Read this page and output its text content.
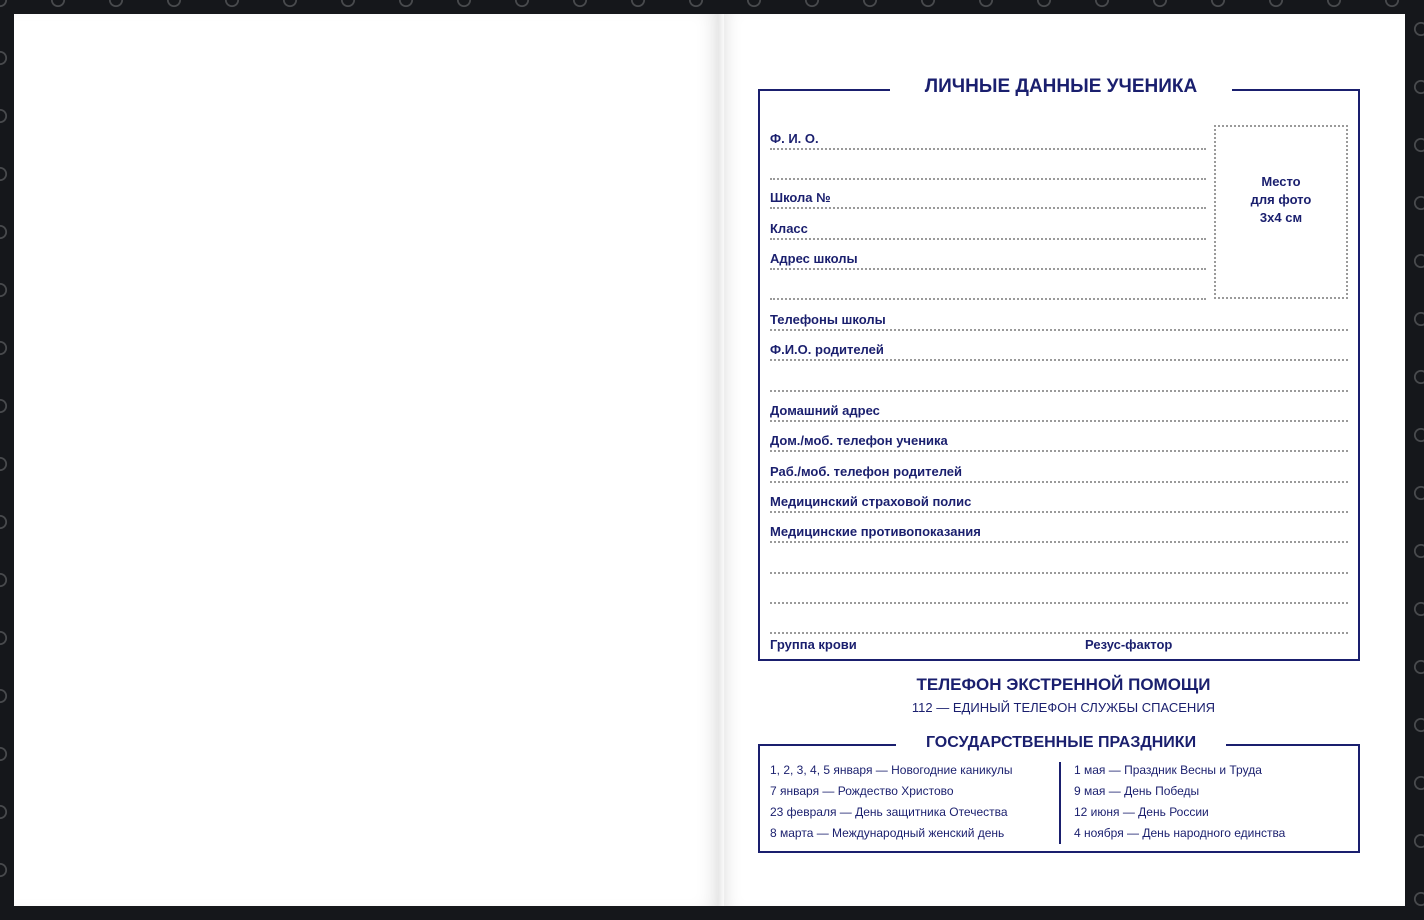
ЛИЧНЫЕ ДАННЫЕ УЧЕНИКА
Ф. И. О.
Школа №
Класс
Адрес школы
Место
для фото
3х4 см
Телефоны школы
Ф.И.О. родителей
Домашний адрес
Дом./моб. телефон ученика
Раб./моб. телефон родителей
Медицинский страховой полис
Медицинские противопоказания
Группа крови	Резус-фактор
ТЕЛЕФОН ЭКСТРЕННОЙ ПОМОЩИ
112 — ЕДИНЫЙ ТЕЛЕФОН СЛУЖБЫ СПАСЕНИЯ
ГОСУДАРСТВЕННЫЕ ПРАЗДНИКИ
1, 2, 3, 4, 5 января — Новогодние каникулы
7 января — Рождество Христово
23 февраля — День защитника Отечества
8 марта — Международный женский день
1 мая — Праздник Весны и Труда
9 мая — День Победы
12 июня — День России
4 ноября — День народного единства
